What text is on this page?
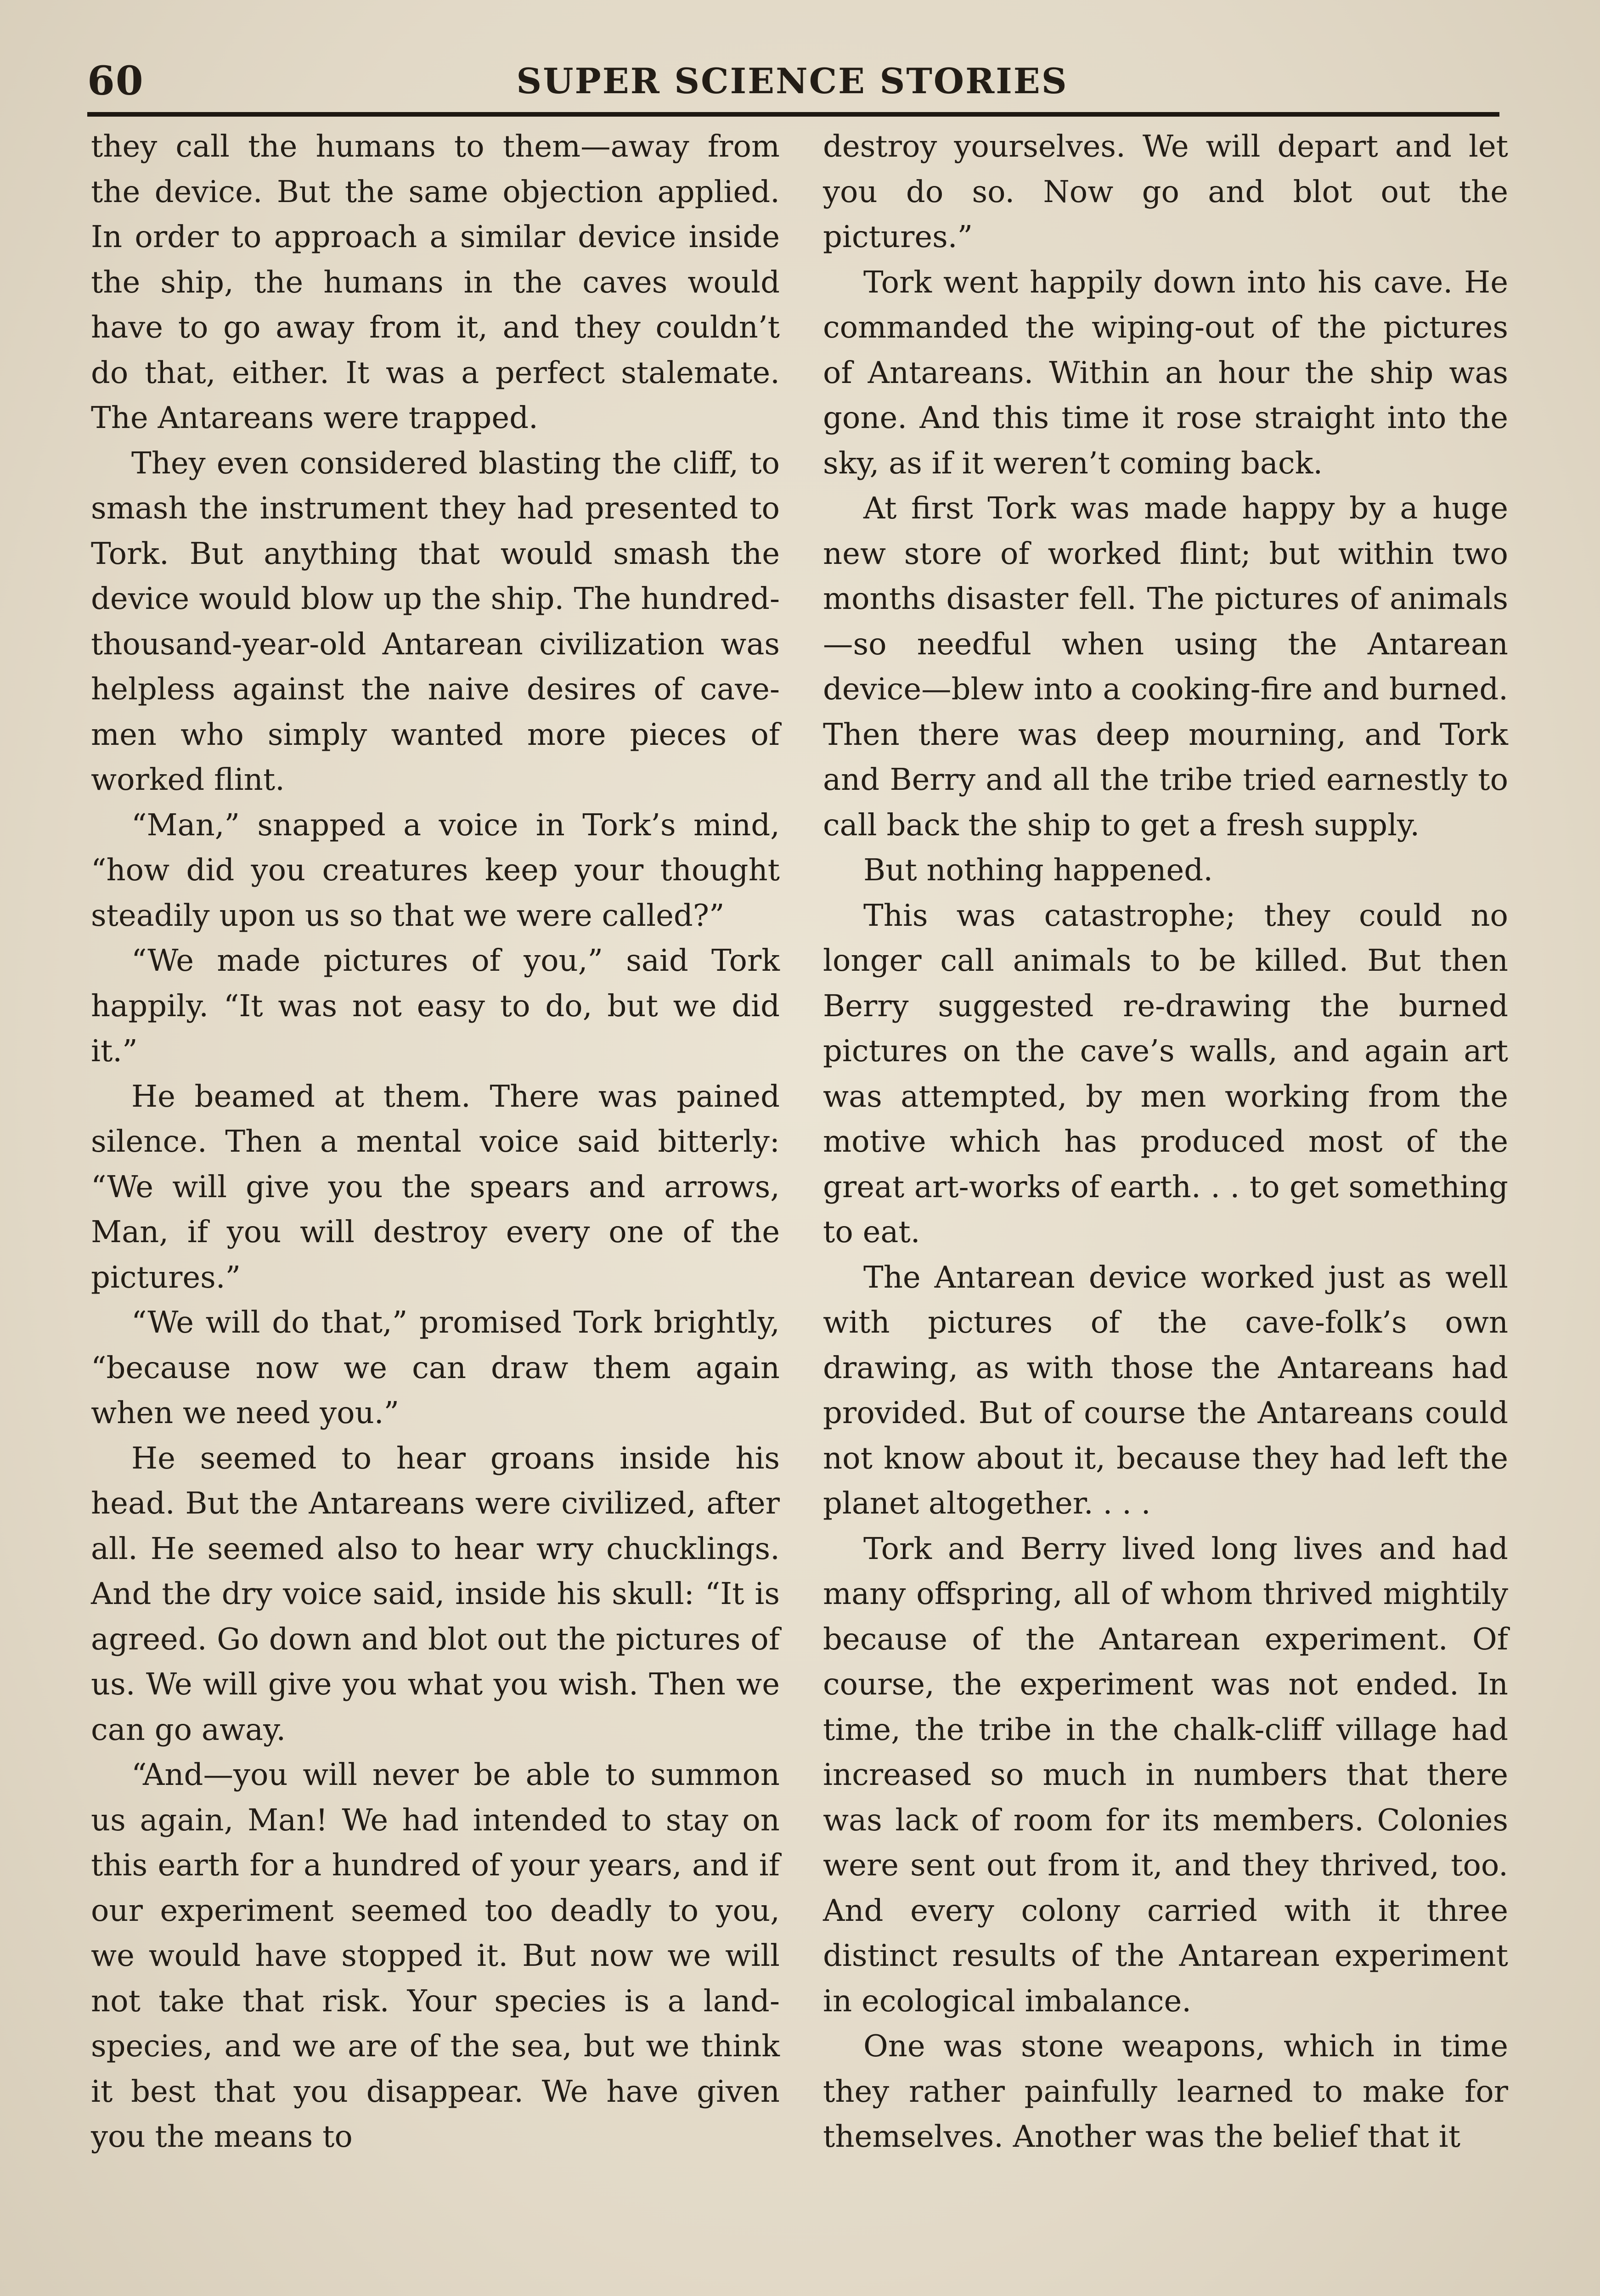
60	SUPER SCIENCE STORIES

they call the humans to them—away from the device. But the same objection applied. In order to approach a similar device inside the ship, the humans in the caves would have to go away from it, and they couldn’t do that, either. It was a perfect stalemate. The Antareans were trapped.

They even considered blasting the cliff, to smash the instrument they had presented to Tork. But anything that would smash the device would blow up the ship. The hundred-thousand-year-old Antarean civilization was helpless against the naive desires of cave-men who simply wanted more pieces of worked flint.

“Man,” snapped a voice in Tork’s mind, “how did you creatures keep your thought steadily upon us so that we were called?”

“We made pictures of you,” said Tork happily. “It was not easy to do, but we did it.”

He beamed at them. There was pained silence. Then a mental voice said bitterly: “We will give you the spears and arrows, Man, if you will destroy every one of the pictures.”

“We will do that,” promised Tork brightly, “because now we can draw them again when we need you.”

He seemed to hear groans inside his head. But the Antareans were civilized, after all. He seemed also to hear wry chucklings. And the dry voice said, inside his skull: “It is agreed. Go down and blot out the pictures of us. We will give you what you wish. Then we can go away.

“And—you will never be able to summon us again, Man! We had intended to stay on this earth for a hundred of your years, and if our experiment seemed too deadly to you, we would have stopped it. But now we will not take that risk. Your species is a land-species, and we are of the sea, but we think it best that you disappear. We have given you the means to

destroy yourselves. We will depart and let you do so. Now go and blot out the pictures.”

Tork went happily down into his cave. He commanded the wiping-out of the pictures of Antareans. Within an hour the ship was gone. And this time it rose straight into the sky, as if it weren’t coming back.

At first Tork was made happy by a huge new store of worked flint; but within two months disaster fell. The pictures of animals—so needful when using the Antarean device—blew into a cooking-fire and burned. Then there was deep mourning, and Tork and Berry and all the tribe tried earnestly to call back the ship to get a fresh supply.

But nothing happened.

This was catastrophe; they could no longer call animals to be killed. But then Berry suggested re-drawing the burned pictures on the cave’s walls, and again art was attempted, by men working from the motive which has produced most of the great art-works of earth. . . to get something to eat.

The Antarean device worked just as well with pictures of the cave-folk’s own drawing, as with those the Antareans had provided. But of course the Antareans could not know about it, because they had left the planet altogether. . . .

Tork and Berry lived long lives and had many offspring, all of whom thrived mightily because of the Antarean experiment. Of course, the experiment was not ended. In time, the tribe in the chalk-cliff village had increased so much in numbers that there was lack of room for its members. Colonies were sent out from it, and they thrived, too. And every colony carried with it three distinct results of the Antarean experiment in ecological imbalance.

One was stone weapons, which in time they rather painfully learned to make for themselves. Another was the belief that it
